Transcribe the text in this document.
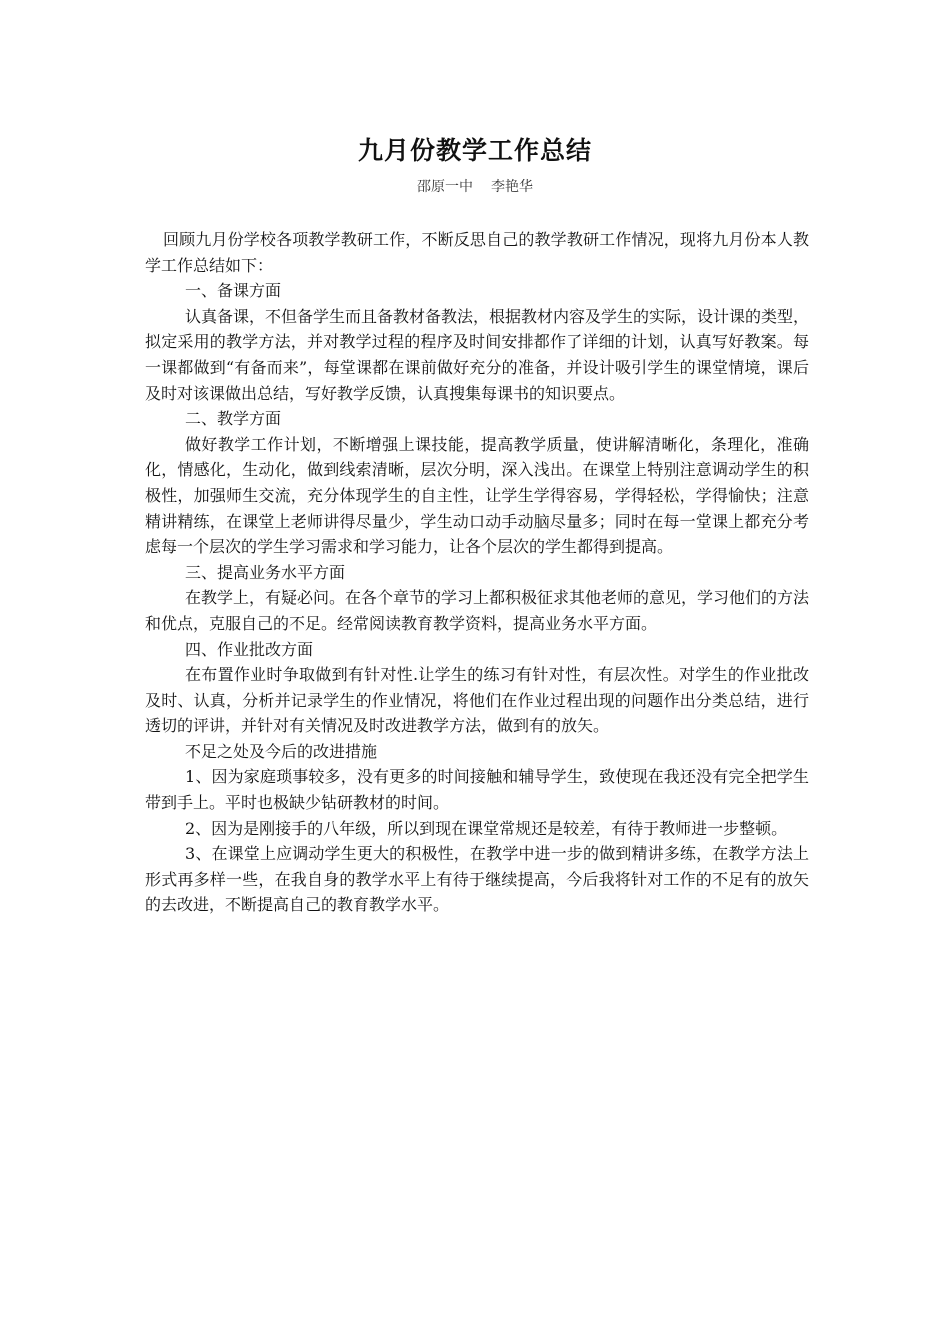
九月份教学工作总结
邵原一中 李艳华

回顾九月份学校各项教学教研工作，不断反思自己的教学教研工作情况，现将九月份本人教学工作总结如下：

一、备课方面

认真备课，不但备学生而且备教材备教法，根据教材内容及学生的实际，设计课的类型，拟定采用的教学方法，并对教学过程的程序及时间安排都作了详细的计划，认真写好教案。每一课都做到“有备而来”，每堂课都在课前做好充分的准备，并设计吸引学生的课堂情境，课后及时对该课做出总结，写好教学反馈，认真搜集每课书的知识要点。

二、教学方面

做好教学工作计划，不断增强上课技能，提高教学质量，使讲解清晰化，条理化，准确化，情感化，生动化，做到线索清晰，层次分明，深入浅出。在课堂上特别注意调动学生的积极性，加强师生交流，充分体现学生的自主性，让学生学得容易，学得轻松，学得愉快；注意精讲精练，在课堂上老师讲得尽量少，学生动口动手动脑尽量多；同时在每一堂课上都充分考虑每一个层次的学生学习需求和学习能力，让各个层次的学生都得到提高。

三、提高业务水平方面

在教学上，有疑必问。在各个章节的学习上都积极征求其他老师的意见，学习他们的方法和优点，克服自己的不足。经常阅读教育教学资料，提高业务水平方面。

四、作业批改方面

在布置作业时争取做到有针对性.让学生的练习有针对性，有层次性。对学生的作业批改及时、认真，分析并记录学生的作业情况，将他们在作业过程出现的问题作出分类总结，进行透切的评讲，并针对有关情况及时改进教学方法，做到有的放矢。

不足之处及今后的改进措施

1、因为家庭琐事较多，没有更多的时间接触和辅导学生，致使现在我还没有完全把学生带到手上。平时也极缺少钻研教材的时间。

2、因为是刚接手的八年级，所以到现在课堂常规还是较差，有待于教师进一步整顿。

3、在课堂上应调动学生更大的积极性，在教学中进一步的做到精讲多练，在教学方法上形式再多样一些，在我自身的教学水平上有待于继续提高，今后我将针对工作的不足有的放矢的去改进，不断提高自己的教育教学水平。
